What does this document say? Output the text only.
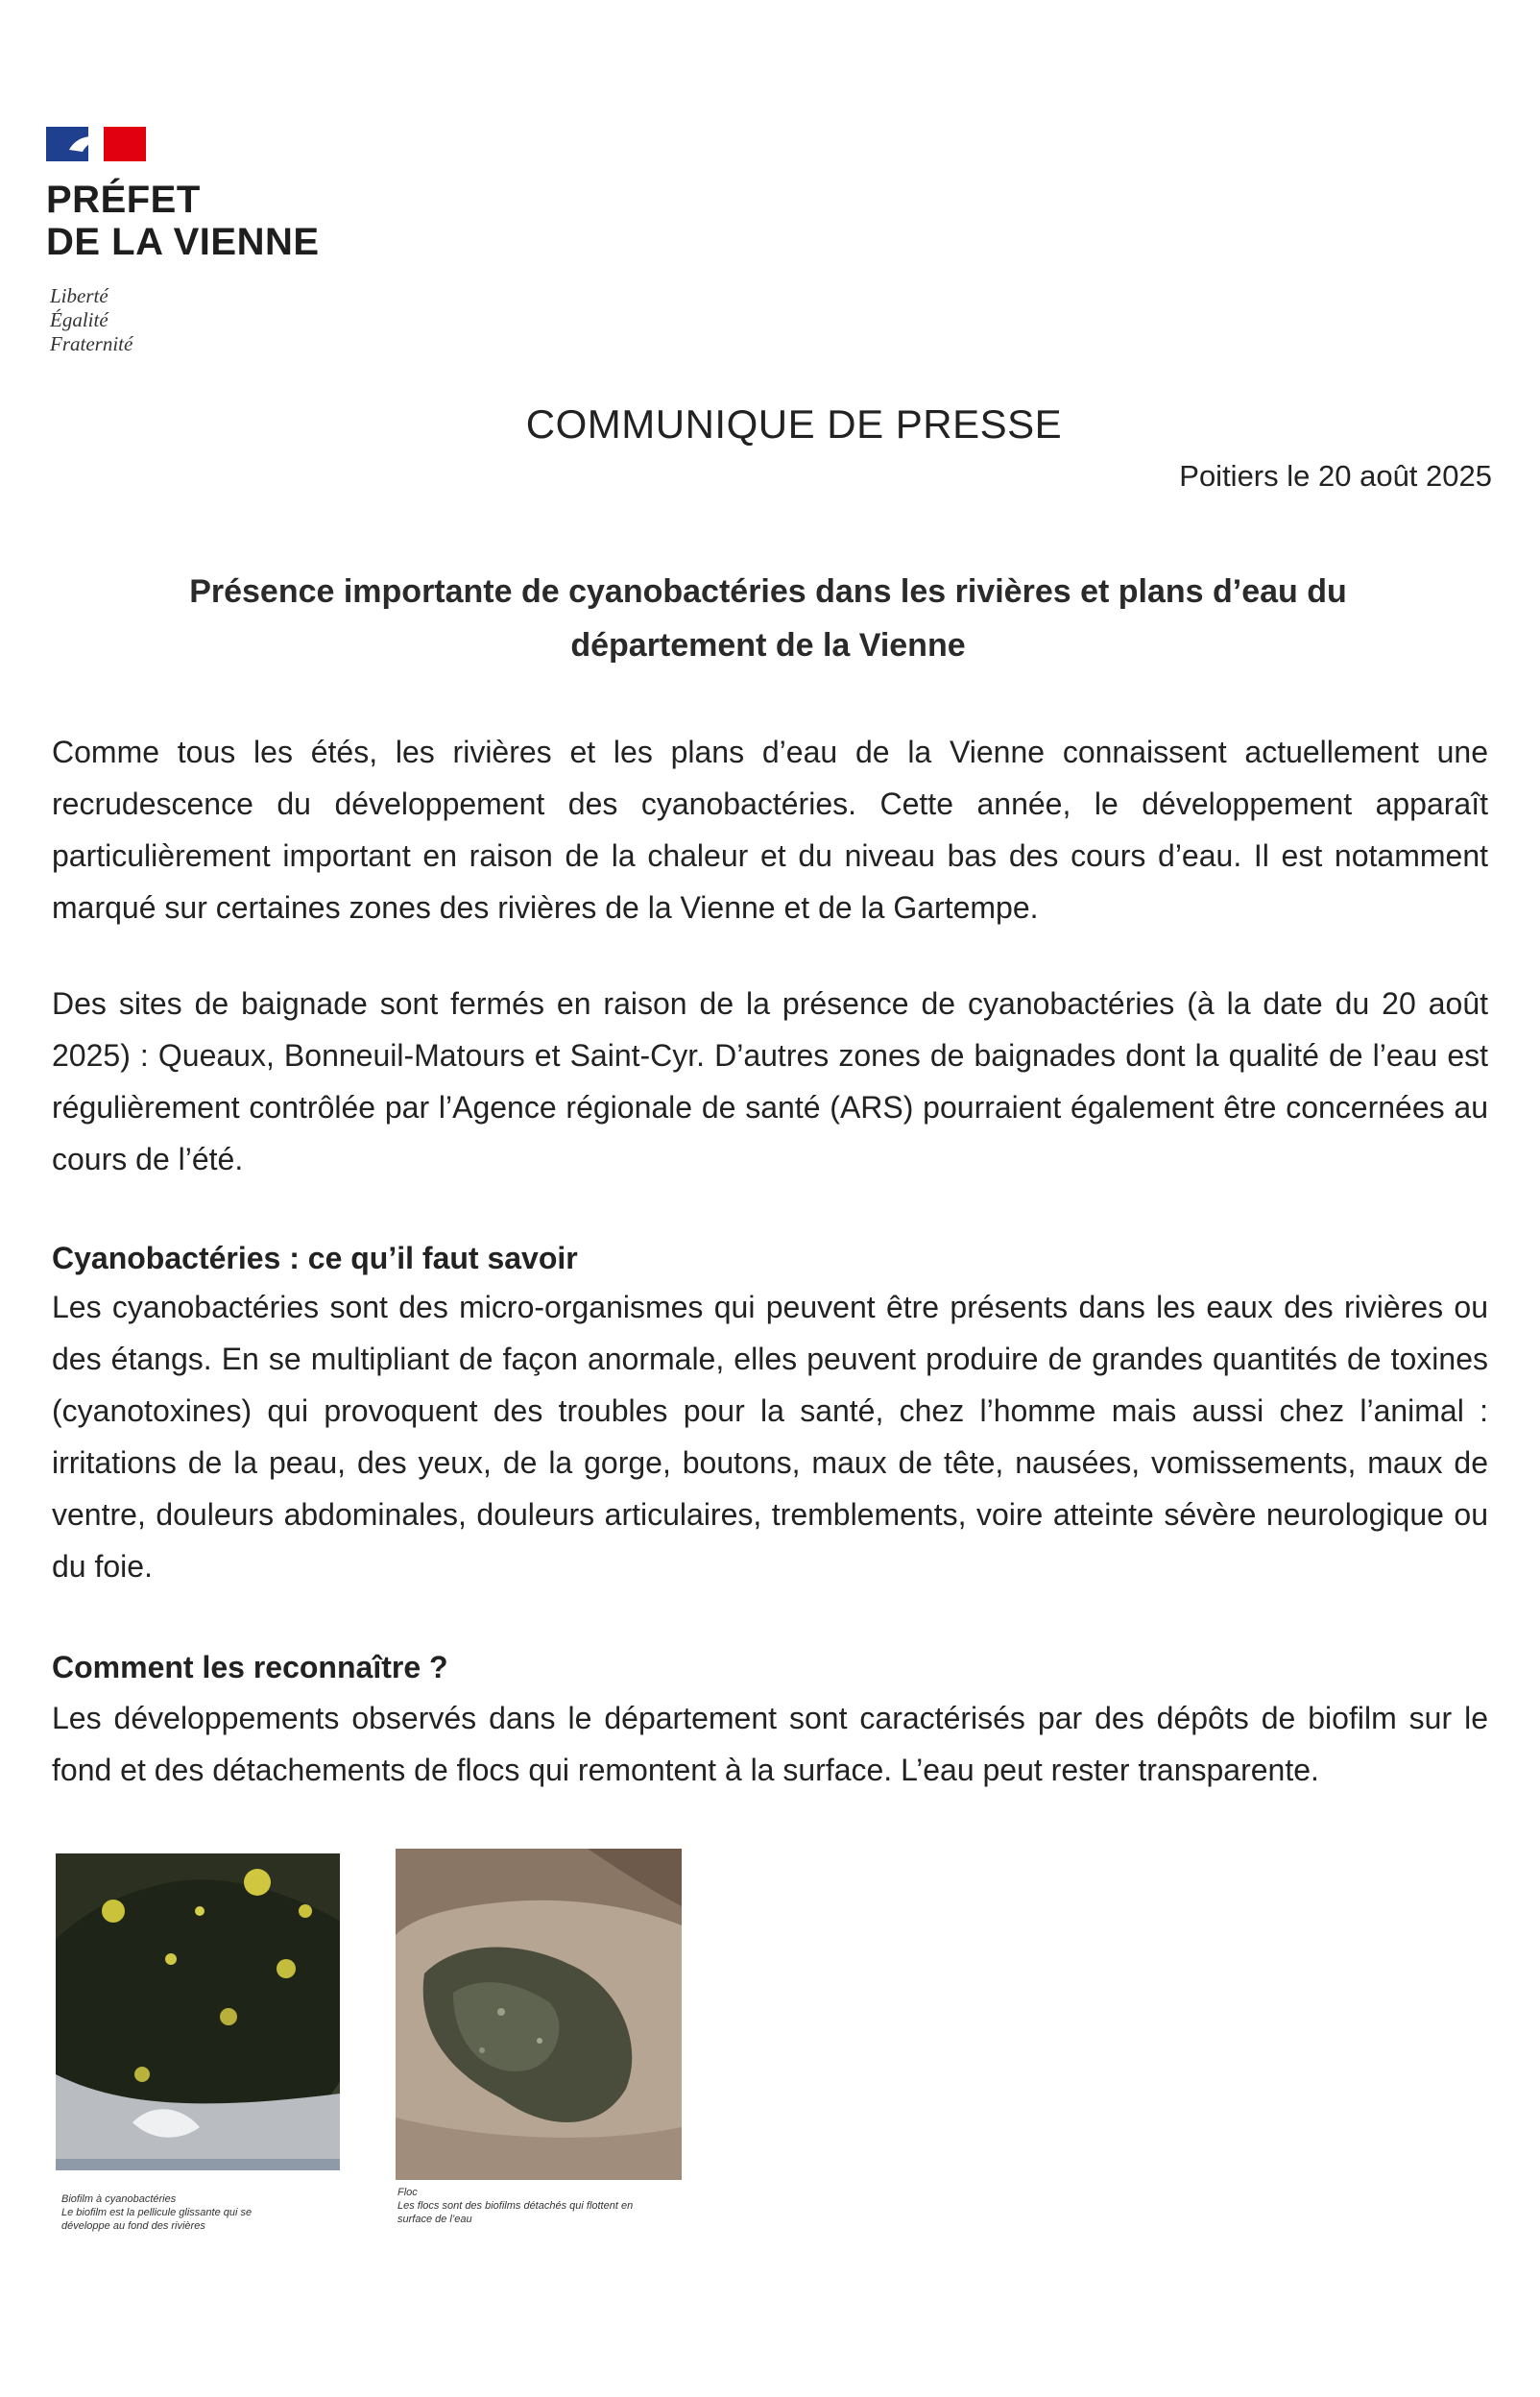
PRÉFET
DE LA VIENNE
Liberté
Égalité
Fraternité
COMMUNIQUE DE PRESSE
Poitiers le 20 août 2025
Présence importante de cyanobactéries dans les rivières et plans d’eau du département de la Vienne
Comme tous les étés, les rivières et les plans d’eau de la Vienne connaissent actuellement une recrudescence du développement des cyanobactéries. Cette année, le développement apparaît particulièrement important en raison de la chaleur et du niveau bas des cours d’eau. Il est notamment marqué sur certaines zones des rivières de la Vienne et de la Gartempe.
Des sites de baignade sont fermés en raison de la présence de cyanobactéries (à la date du 20 août 2025) : Queaux, Bonneuil-Matours et Saint-Cyr. D’autres zones de baignades dont la qualité de l’eau est régulièrement contrôlée par l’Agence régionale de santé (ARS) pourraient également être concernées au cours de l’été.
Cyanobactéries : ce qu’il faut savoir
Les cyanobactéries sont des micro-organismes qui peuvent être présents dans les eaux des rivières ou des étangs. En se multipliant de façon anormale, elles peuvent produire de grandes quantités de toxines (cyanotoxines) qui provoquent des troubles pour la santé, chez l’homme mais aussi chez l’animal : irritations de la peau, des yeux, de la gorge, boutons, maux de tête, nausées, vomissements, maux de ventre, douleurs abdominales, douleurs articulaires, tremblements, voire atteinte sévère neurologique ou du foie.
Comment les reconnaître ?
Les développements observés dans le département sont caractérisés par des dépôts de biofilm sur le fond et des détachements de flocs qui remontent à la surface. L’eau peut rester transparente.
Biofilm à cyanobactéries
Le biofilm est la pellicule glissante qui se développe au fond des rivières
Floc
Les flocs sont des biofilms détachés qui flottent en surface de l’eau
